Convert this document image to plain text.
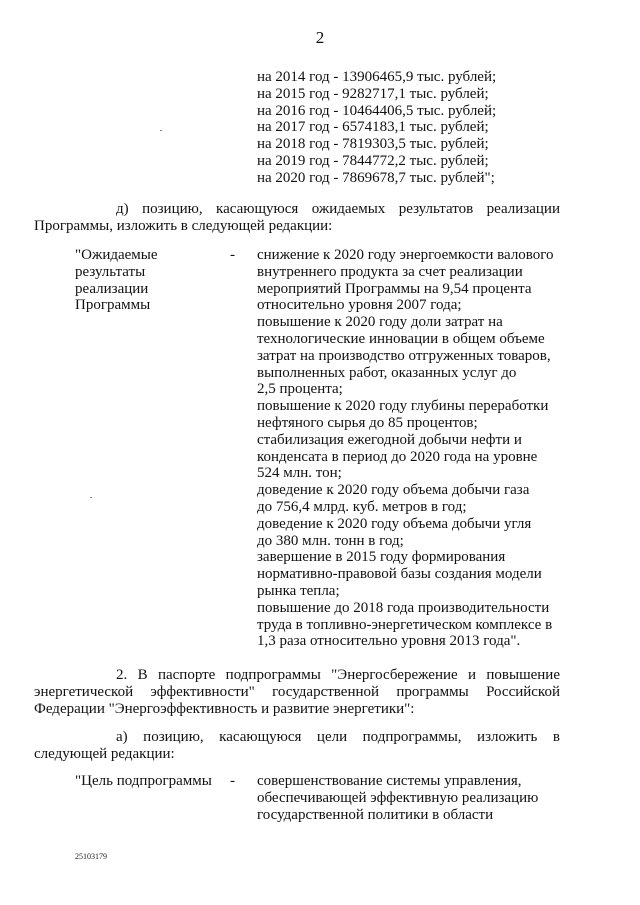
2
на 2014 год - 13906465,9 тыс. рублей;
на 2015 год - 9282717,1 тыс. рублей;
на 2016 год - 10464406,5 тыс. рублей;
на 2017 год - 6574183,1 тыс. рублей;
на 2018 год - 7819303,5 тыс. рублей;
на 2019 год - 7844772,2 тыс. рублей;
на 2020 год - 7869678,7 тыс. рублей";
д) позицию, касающуюся ожидаемых результатов реализации
Программы, изложить в следующей редакции:
"Ожидаемые
результаты
реализации
Программы
- снижение к 2020 году энергоемкости валового
внутреннего продукта за счет реализации
мероприятий Программы на 9,54 процента
относительно уровня 2007 года;
повышение к 2020 году доли затрат на
технологические инновации в общем объеме
затрат на производство отгруженных товаров,
выполненных работ, оказанных услуг до
2,5 процента;
повышение к 2020 году глубины переработки
нефтяного сырья до 85 процентов;
стабилизация ежегодной добычи нефти и
конденсата в период до 2020 года на уровне
524 млн. тон;
доведение к 2020 году объема добычи газа
до 756,4 млрд. куб. метров в год;
доведение к 2020 году объема добычи угля
до 380 млн. тонн в год;
завершение в 2015 году формирования
нормативно-правовой базы создания модели
рынка тепла;
повышение до 2018 года производительности
труда в топливно-энергетическом комплексе в
1,3 раза относительно уровня 2013 года".
2. В паспорте подпрограммы "Энергосбережение и повышение
энергетической эффективности" государственной программы Российской
Федерации "Энергоэффективность и развитие энергетики":
а) позицию, касающуюся цели подпрограммы, изложить в
следующей редакции:
"Цель подпрограммы - совершенствование системы управления,
обеспечивающей эффективную реализацию
государственной политики в области
25103179
